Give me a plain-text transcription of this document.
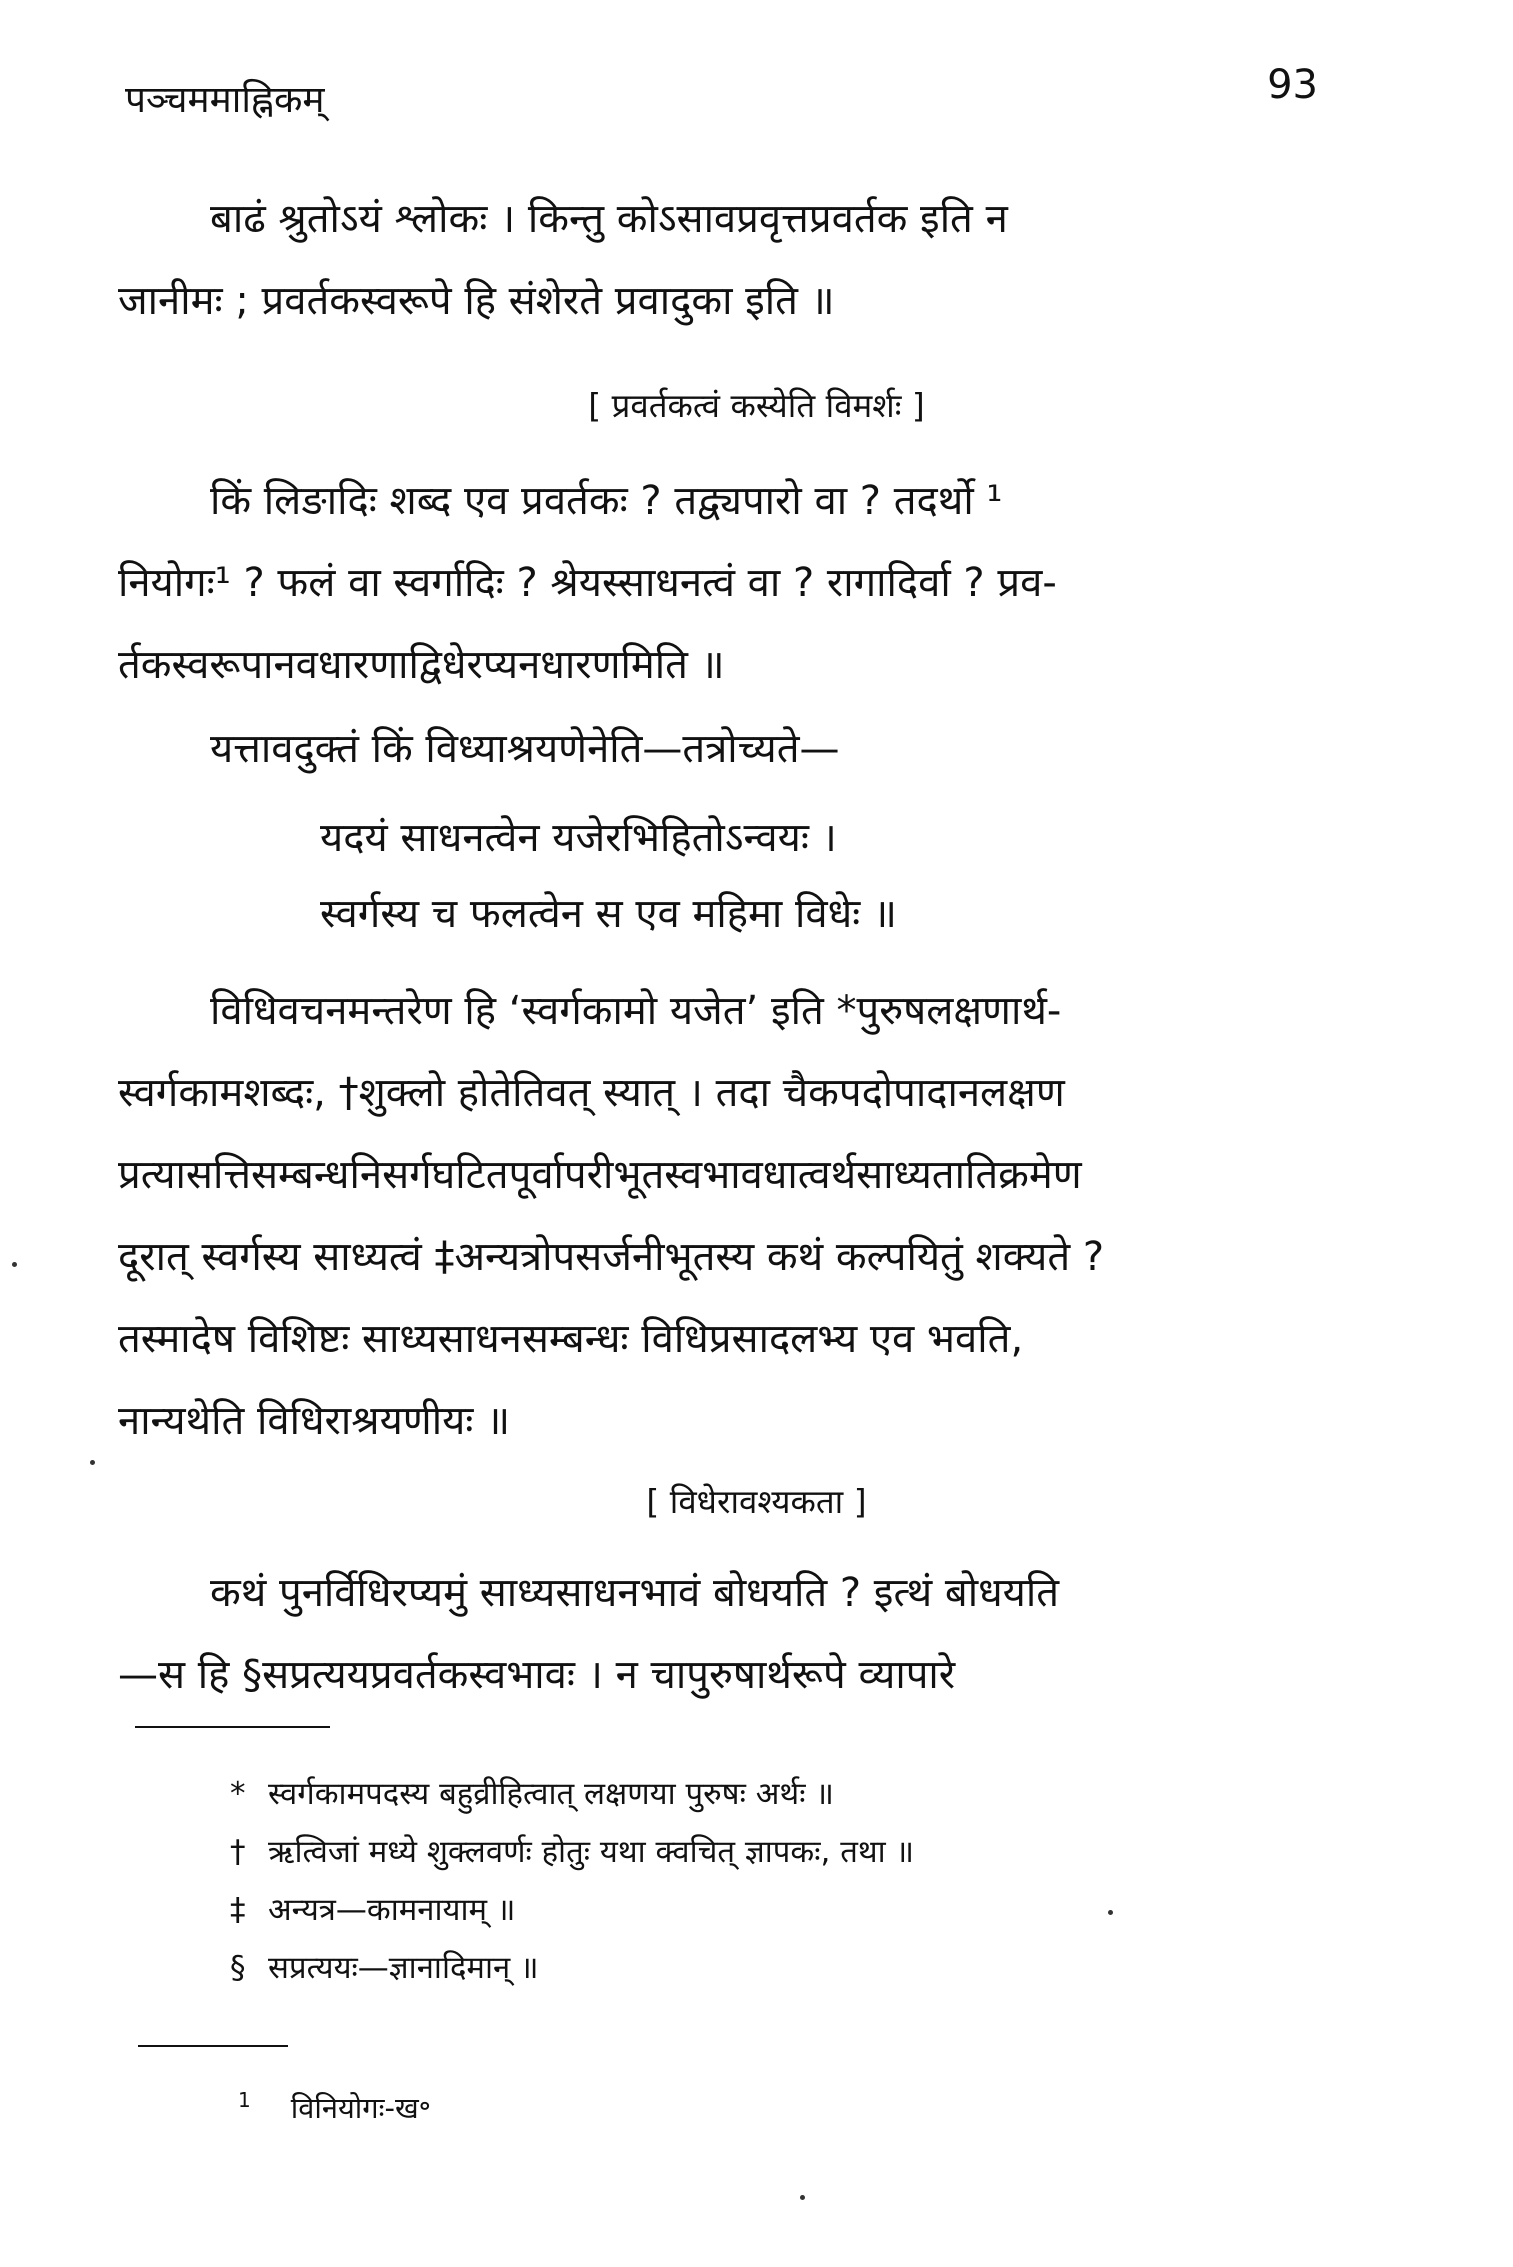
पञ्चममाह्निकम्	93
बाढं श्रुतोऽयं श्लोकः । किन्तु कोऽसावप्रवृत्तप्रवर्तक इति न
जानीमः ; प्रवर्तकस्वरूपे हि संशेरते प्रवादुका इति ॥
[ प्रवर्तकत्वं कस्येति विमर्शः ]
किं लिङादिः शब्द एव प्रवर्तकः ? तद्व्यपारो वा ? तदर्थो ¹
नियोगः¹ ? फलं वा स्वर्गादिः ? श्रेयस्साधनत्वं वा ? रागादिर्वा ? प्रव-
र्तकस्वरूपानवधारणाद्विधेरप्यनधारणमिति ॥
यत्तावदुक्तं किं विध्याश्रयणेनेति—तत्रोच्यते—
यदयं साधनत्वेन यजेरभिहितोऽन्वयः ।
स्वर्गस्य च फलत्वेन स एव महिमा विधेः ॥
विधिवचनमन्तरेण हि ‘स्वर्गकामो यजेत’ इति *पुरुषलक्षणार्थ-
स्वर्गकामशब्दः, †शुक्लो होतेतिवत् स्यात् । तदा चैकपदोपादानलक्षण
प्रत्यासत्तिसम्बन्धनिसर्गघटितपूर्वापरीभूतस्वभावधात्वर्थसाध्यतातिक्रमेण
दूरात् स्वर्गस्य साध्यत्वं ‡अन्यत्रोपसर्जनीभूतस्य कथं कल्पयितुं शक्यते ?
तस्मादेष विशिष्टः साध्यसाधनसम्बन्धः विधिप्रसादलभ्य एव भवति,
नान्यथेति विधिराश्रयणीयः ॥
[ विधेरावश्यकता ]
कथं पुनर्विधिरप्यमुं साध्यसाधनभावं बोधयति ? इत्थं बोधयति
—स हि §सप्रत्ययप्रवर्तकस्वभावः । न चापुरुषार्थरूपे व्यापारे
* स्वर्गकामपदस्य बहुव्रीहित्वात् लक्षणया पुरुषः अर्थः ॥
† ऋत्विजां मध्ये शुक्लवर्णः होतुः यथा क्वचित् ज्ञापकः, तथा ॥
‡ अन्यत्र—कामनायाम् ॥
§ सप्रत्ययः—ज्ञानादिमान् ॥
$^1$ विनियोगः-ख॰
